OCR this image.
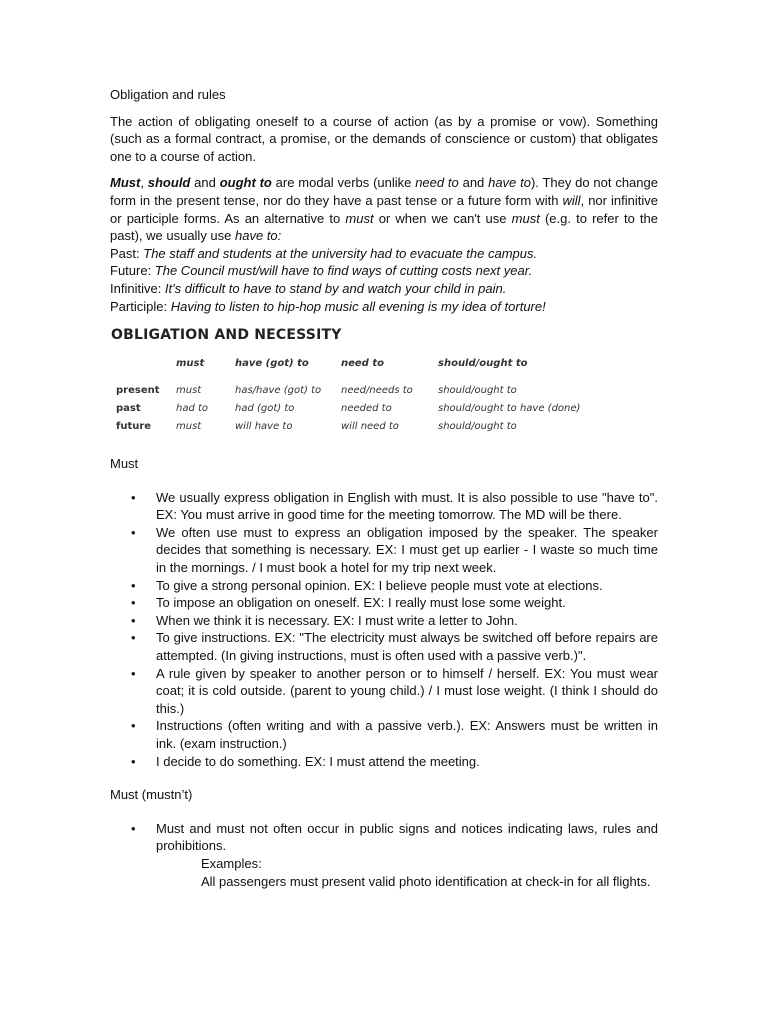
Obligation and rules

The action of obligating oneself to a course of action (as by a promise or vow). Something (such as a formal contract, a promise, or the demands of conscience or custom) that obligates one to a course of action.

Must, should and ought to are modal verbs (unlike need to and have to). They do not change form in the present tense, nor do they have a past tense or a future form with will, nor infinitive or participle forms. As an alternative to must or when we can't use must (e.g. to refer to the past), we usually use have to:

Past: The staff and students at the university had to evacuate the campus.

Future: The Council must/will have to find ways of cutting costs next year.

Infinitive: It's difficult to have to stand by and watch your child in pain.

Participle: Having to listen to hip-hop music all evening is my idea of torture!

OBLIGATION AND NECESSITY
	must	have (got) to	need to	should/ought to
present	must	has/have (got) to	need/needs to	should/ought to
past	had to	had (got) to	needed to	should/ought to have (done)
future	must	will have to	will need to	should/ought to

Must

• We usually express obligation in English with must. It is also possible to use "have to". EX: You must arrive in good time for the meeting tomorrow. The MD will be there.
• We often use must to express an obligation imposed by the speaker. The speaker decides that something is necessary. EX: I must get up earlier - I waste so much time in the mornings. / I must book a hotel for my trip next week.
• To give a strong personal opinion. EX: I believe people must vote at elections.
• To impose an obligation on oneself. EX: I really must lose some weight.
• When we think it is necessary. EX: I must write a letter to John.
• To give instructions. EX: "The electricity must always be switched off before repairs are attempted. (In giving instructions, must is often used with a passive verb.)".
• A rule given by speaker to another person or to himself / herself. EX: You must wear coat; it is cold outside. (parent to young child.) / I must lose weight. (I think I should do this.)
• Instructions (often writing and with a passive verb.). EX: Answers must be written in ink. (exam instruction.)
• I decide to do something. EX: I must attend the meeting.

Must (mustn’t)

• Must and must not often occur in public signs and notices indicating laws, rules and prohibitions.

Examples:

All passengers must present valid photo identification at check-in for all flights.
